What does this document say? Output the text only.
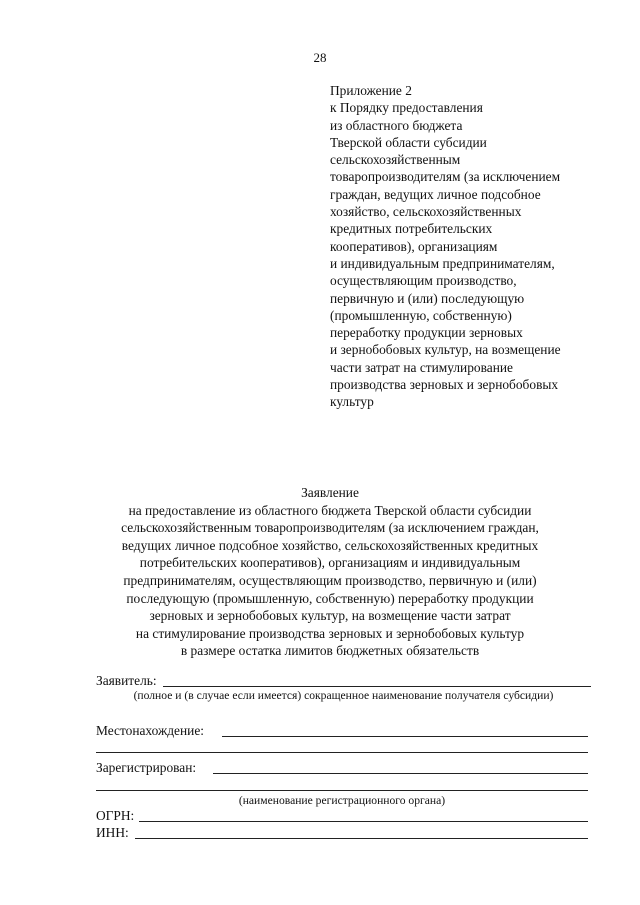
28
Приложение 2
к Порядку предоставления
из областного бюджета
Тверской области субсидии
сельскохозяйственным
товаропроизводителям (за исключением
граждан, ведущих личное подсобное
хозяйство, сельскохозяйственных
кредитных потребительских
кооперативов), организациям
и индивидуальным предпринимателям,
осуществляющим производство,
первичную и (или) последующую
(промышленную, собственную)
переработку продукции зерновых
и зернобобовых культур, на возмещение
части затрат на стимулирование
производства зерновых и зернобобовых
культур
Заявление
на предоставление из областного бюджета Тверской области субсидии
сельскохозяйственным товаропроизводителям (за исключением граждан,
ведущих личное подсобное хозяйство, сельскохозяйственных кредитных
потребительских кооперативов), организациям и индивидуальным
предпринимателям, осуществляющим производство, первичную и (или)
последующую (промышленную, собственную) переработку продукции
зерновых и зернобобовых культур, на возмещение части затрат
на стимулирование производства зерновых и зернобобовых культур
в размере остатка лимитов бюджетных обязательств
Заявитель:
(полное и (в случае если имеется) сокращенное наименование получателя субсидии)
Местонахождение:
Зарегистрирован:
(наименование регистрационного органа)
ОГРН:
ИНН:
